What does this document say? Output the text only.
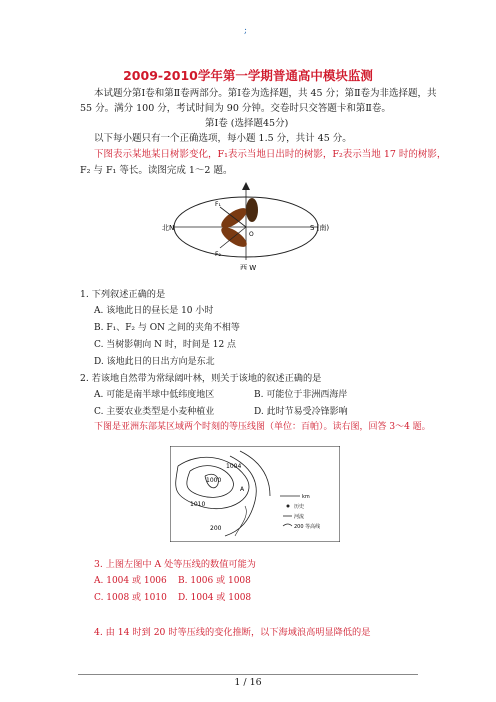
;
2009-2010学年第一学期普通高中模块监测
本试题分第Ⅰ卷和第Ⅱ卷两部分。第Ⅰ卷为选择题，共 45 分；第Ⅱ卷为非选择题，共
55 分。满分 100 分，考试时间为 90 分钟。交卷时只交答题卡和第Ⅱ卷。
第Ⅰ卷 (选择题45分)
以下每小题只有一个正确选项，每小题 1.5 分，共计 45 分。
下图表示某地某日树影变化，F₁表示当地日出时的树影，F₂表示当地 17 时的树影，
F₂ 与 F₁ 等长。读图完成 1～2 题。
北N	S (南)
西 W
O
F₁
F₂
1. 下列叙述正确的是
A. 该地此日的昼长是 10 小时
B. F₁、F₂ 与 ON 之间的夹角不相等
C. 当树影朝向 N 时，时间是 12 点
D. 该地此日的日出方向是东北
2. 若该地自然带为常绿阔叶林，则关于该地的叙述正确的是
A. 可能是南半球中低纬度地区	B. 可能位于非洲西海岸
C. 主要农业类型是小麦种植业	D. 此时节易受冷锋影响
下图是亚洲东部某区域两个时刻的等压线图（单位：百帕）。读右图，回答 3～4 题。
1000
1004
1010
200
A
km
历史
河流
200 等高线
3. 上图左图中 A 处等压线的数值可能为
A. 1004 或 1006 B. 1006 或 1008
C. 1008 或 1010 D. 1004 或 1008
4. 由 14 时到 20 时等压线的变化推断，以下海域浪高明显降低的是
1 / 16
